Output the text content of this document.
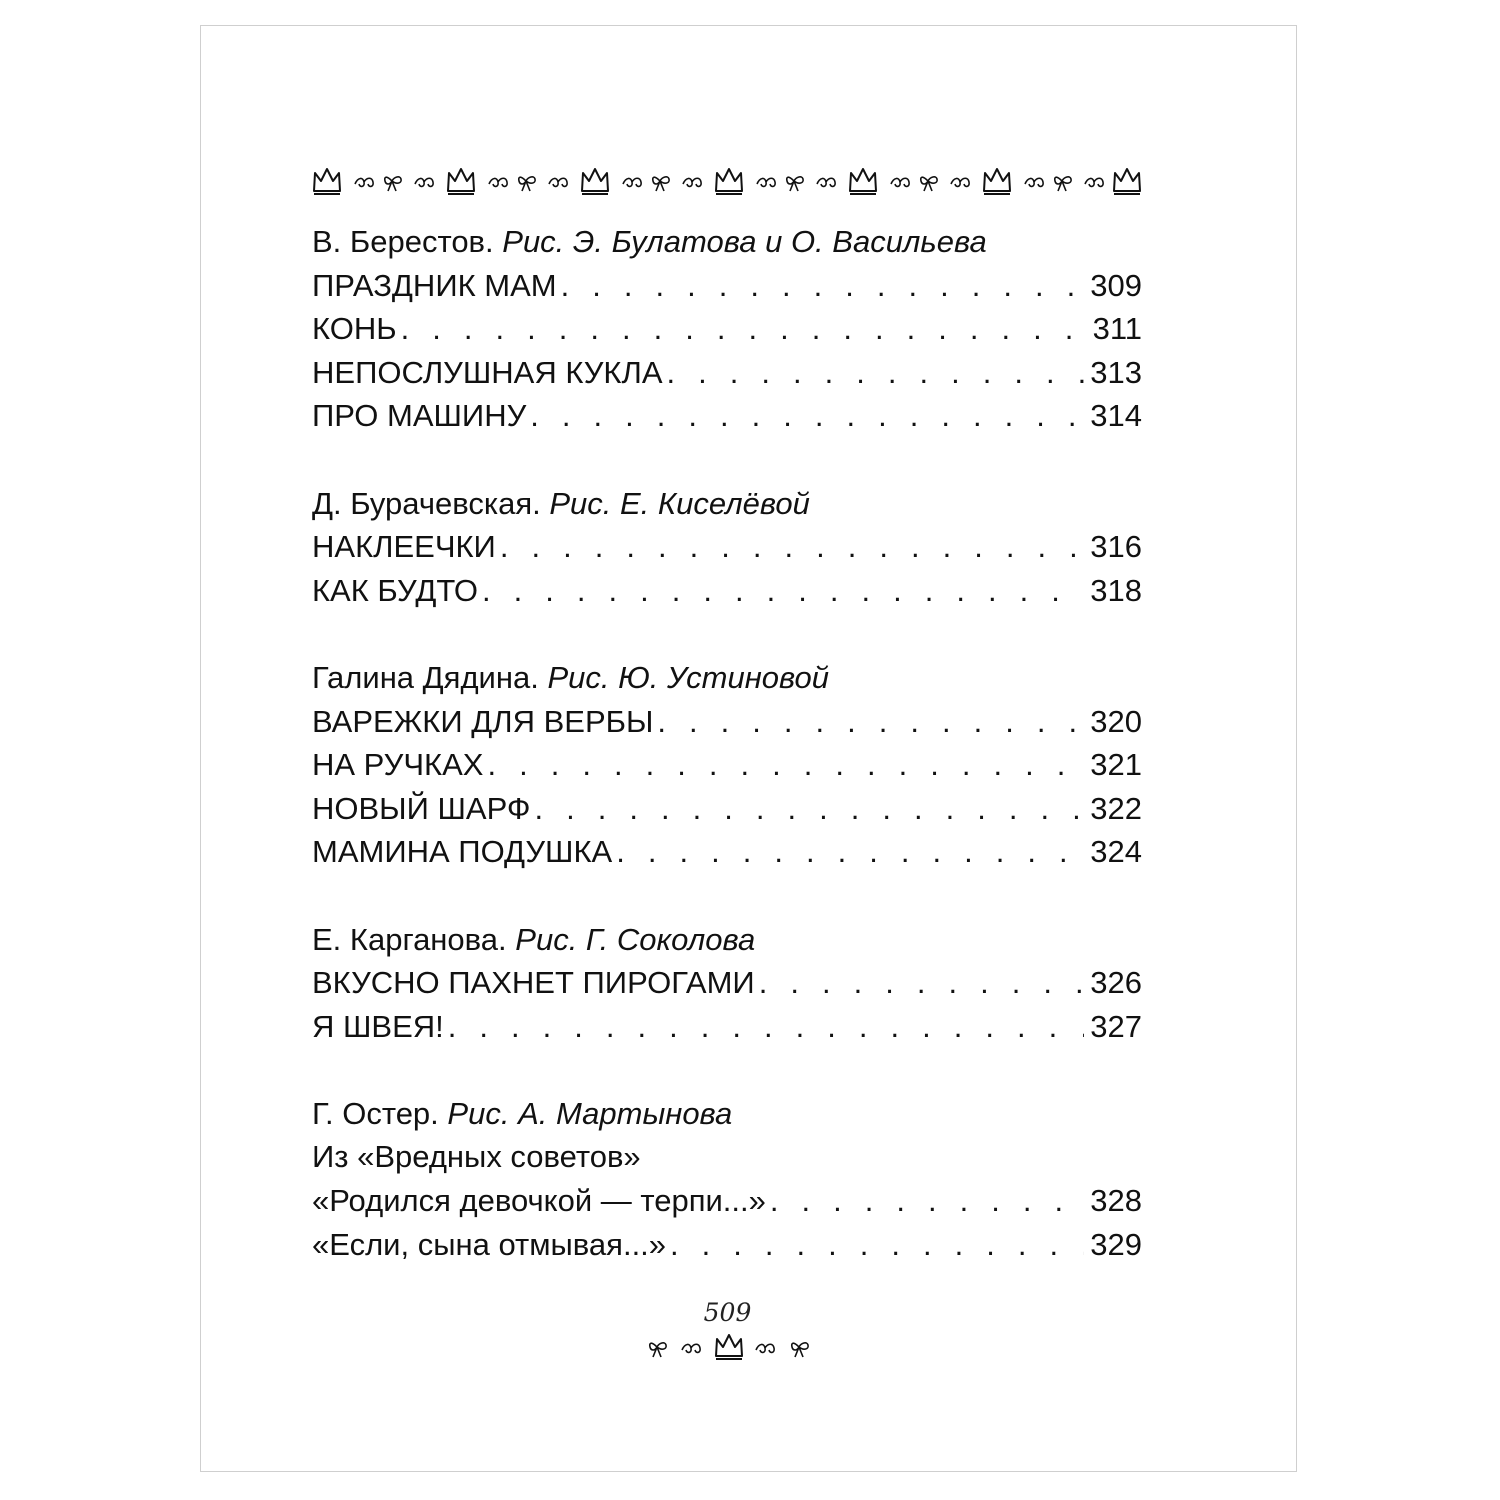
В. Берестов. Рис. Э. Булатова и О. Васильева
ПРАЗДНИК МАМ . . .	309
КОНЬ . . .	311
НЕПОСЛУШНАЯ КУКЛА . . .	313
ПРО МАШИНУ . . .	314
Д. Бурачевская. Рис. Е. Киселёвой
НАКЛЕЕЧКИ . . .	316
КАК БУДТО . . .	318
Галина Дядина. Рис. Ю. Устиновой
ВАРЕЖКИ ДЛЯ ВЕРБЫ . . .	320
НА РУЧКАХ . . .	321
НОВЫЙ ШАРФ . . .	322
МАМИНА ПОДУШКА . . .	324
Е. Карганова. Рис. Г. Соколова
ВКУСНО ПАХНЕТ ПИРОГАМИ . . .	326
Я ШВЕЯ! . . .	327
Г. Остер. Рис. А. Мартынова
Из «Вредных советов»
«Родился девочкой — терпи...» . . .	328
«Если, сына отмывая...» . . .	329
509
